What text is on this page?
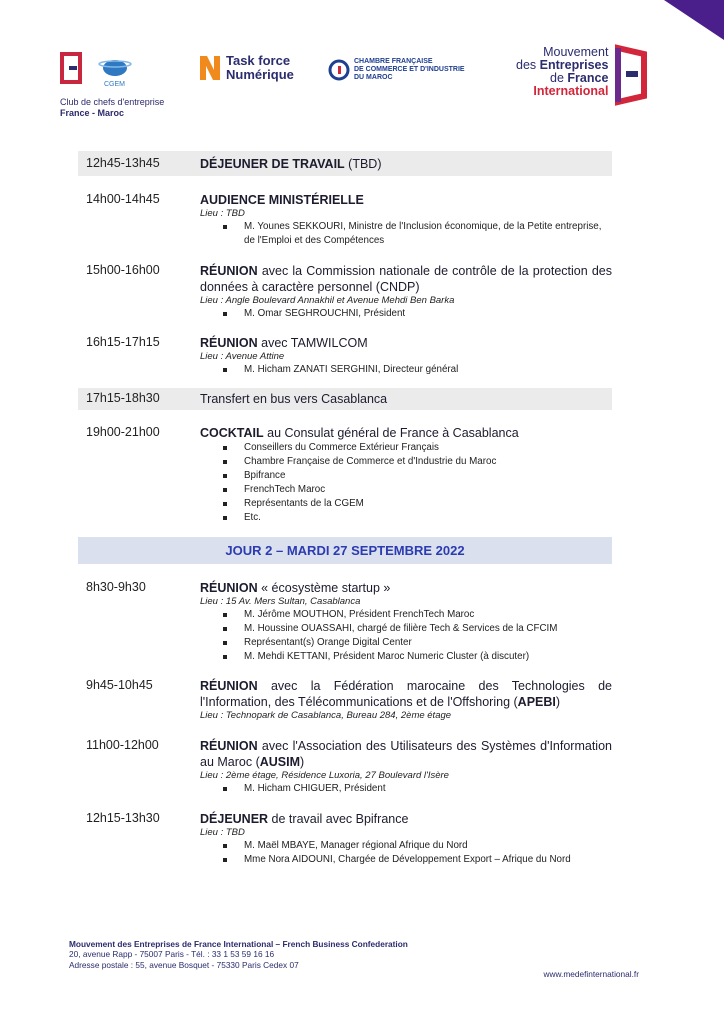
CGEM
Club de chefs d'entreprise
France - Maroc
Task force
Numérique
CHAMBRE FRANÇAISE
DE COMMERCE ET D'INDUSTRIE
DU MAROC
Mouvement
des Entreprises
de France
International
12h45-13h45	DÉJEUNER DE TRAVAIL (TBD)
14h00-14h45	AUDIENCE MINISTÉRIELLE
Lieu : TBD
M. Younes SEKKOURI, Ministre de l'Inclusion économique, de la Petite entreprise, de l'Emploi et des Compétences
15h00-16h00	RÉUNION avec la Commission nationale de contrôle de la protection des données à caractère personnel (CNDP)
Lieu : Angle Boulevard Annakhil et Avenue Mehdi Ben Barka
M. Omar SEGHROUCHNI, Président
16h15-17h15	RÉUNION avec TAMWILCOM
Lieu : Avenue Attine
M. Hicham ZANATI SERGHINI, Directeur général
17h15-18h30	Transfert en bus vers Casablanca
19h00-21h00	COCKTAIL au Consulat général de France à Casablanca
Conseillers du Commerce Extérieur Français
Chambre Française de Commerce et d'Industrie du Maroc
Bpifrance
FrenchTech Maroc
Représentants de la CGEM
Etc.
JOUR 2 – MARDI 27 SEPTEMBRE 2022
8h30-9h30	RÉUNION « écosystème startup »
Lieu : 15 Av. Mers Sultan, Casablanca
M. Jérôme MOUTHON, Président FrenchTech Maroc
M. Houssine OUASSAHI, chargé de filière Tech & Services de la CFCIM
Représentant(s) Orange Digital Center
M. Mehdi KETTANI, Président Maroc Numeric Cluster (à discuter)
9h45-10h45	RÉUNION avec la Fédération marocaine des Technologies de l'Information, des Télécommunications et de l'Offshoring (APEBI)
Lieu : Technopark de Casablanca, Bureau 284, 2ème étage
11h00-12h00	RÉUNION avec l'Association des Utilisateurs des Systèmes d'Information au Maroc (AUSIM)
Lieu : 2ème étage, Résidence Luxoria, 27 Boulevard l'Isère
M. Hicham CHIGUER, Président
12h15-13h30	DÉJEUNER de travail avec Bpifrance
Lieu : TBD
M. Maël MBAYE, Manager régional Afrique du Nord
Mme Nora AIDOUNI, Chargée de Développement Export – Afrique du Nord
Mouvement des Entreprises de France International – French Business Confederation
20, avenue Rapp - 75007 Paris - Tél. : 33 1 53 59 16 16
Adresse postale : 55, avenue Bosquet - 75330 Paris Cedex 07
www.medefinternational.fr
